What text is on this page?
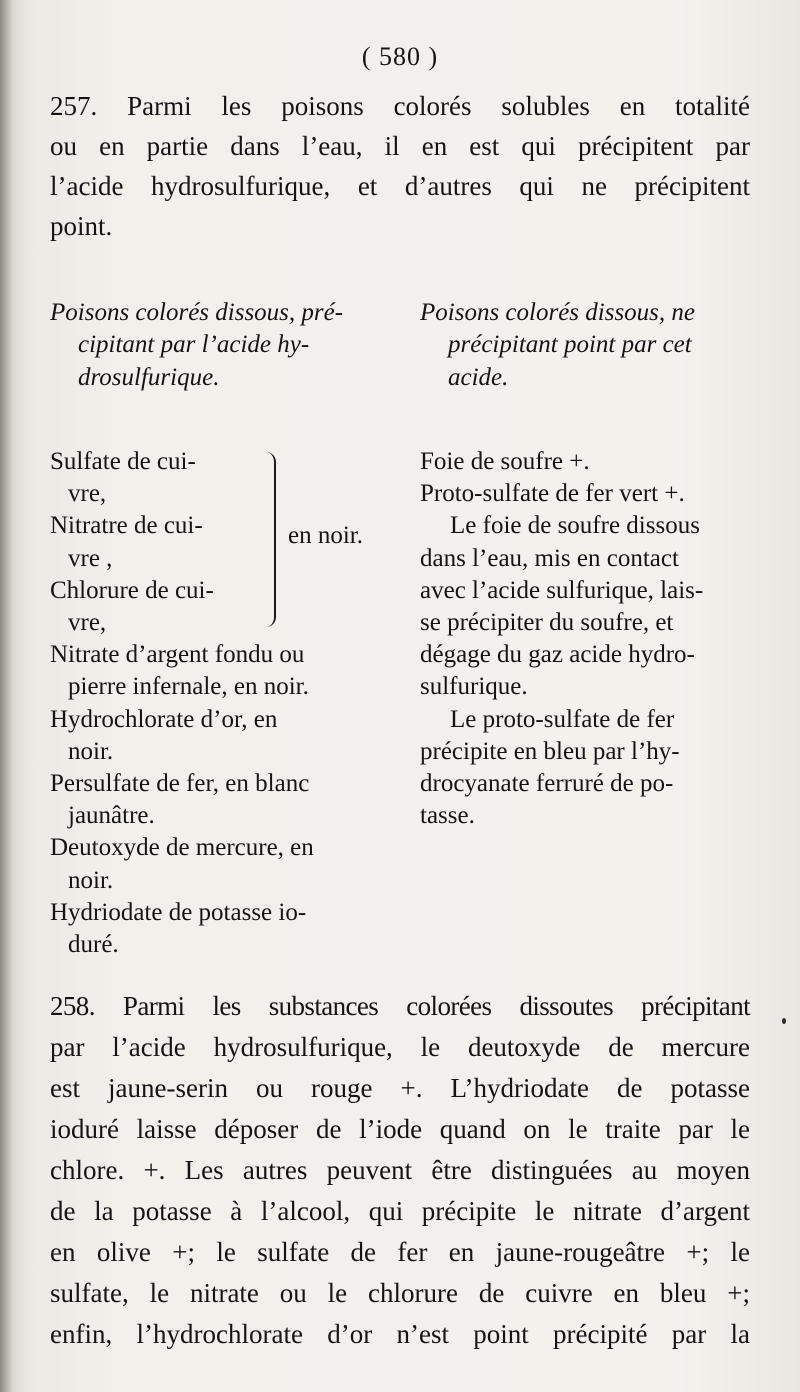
( 580 )
257. Parmi les poisons colorés solubles en totalité
ou en partie dans l’eau, il en est qui précipitent par
l’acide hydrosulfurique, et d’autres qui ne précipitent
point.
Poisons colorés dissous, pré-
cipitant par l’acide hy-
drosulfurique.
Poisons colorés dissous, ne
précipitant point par cet
acide.
Sulfate de cui-
vre,
Nitratre de cui-
vre ,
Chlorure de cui-
vre,
Nitrate d’argent fondu ou
pierre infernale, en noir.
Hydrochlorate d’or, en
noir.
Persulfate de fer, en blanc
jaunâtre.
Deutoxyde de mercure, en
noir.
Hydriodate de potasse io-
duré.
en noir.
Foie de soufre +.
Proto-sulfate de fer vert +.
Le foie de soufre dissous
dans l’eau, mis en contact
avec l’acide sulfurique, lais-
se précipiter du soufre, et
dégage du gaz acide hydro-
sulfurique.
Le proto-sulfate de fer
précipite en bleu par l’hy-
drocyanate ferruré de po-
tasse.
258. Parmi les substances colorées dissoutes précipitant
par l’acide hydrosulfurique, le deutoxyde de mercure
est jaune-serin ou rouge +. L’hydriodate de potasse
ioduré laisse déposer de l’iode quand on le traite par le
chlore. +. Les autres peuvent être distinguées au moyen
de la potasse à l’alcool, qui précipite le nitrate d’argent
en olive +; le sulfate de fer en jaune-rougeâtre +; le
sulfate, le nitrate ou le chlorure de cuivre en bleu +;
enfin, l’hydrochlorate d’or n’est point précipité par la
